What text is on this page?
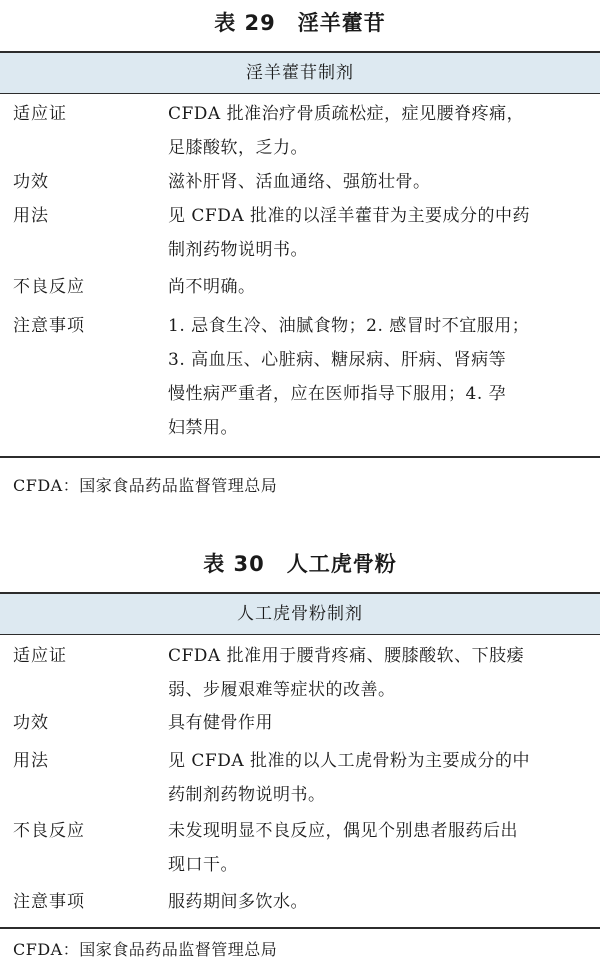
表 29 淫羊藿苷
淫羊藿苷制剂
适应证	CFDA 批准治疗骨质疏松症，症见腰脊疼痛，
足膝酸软，乏力。
功效	滋补肝肾、活血通络、强筋壮骨。
用法	见 CFDA 批准的以淫羊藿苷为主要成分的中药
制剂药物说明书。
不良反应	尚不明确。
注意事项	1. 忌食生冷、油腻食物；2. 感冒时不宜服用；
3. 高血压、心脏病、糖尿病、肝病、肾病等
慢性病严重者，应在医师指导下服用；4. 孕
妇禁用。
CFDA：国家食品药品监督管理总局
表 30 人工虎骨粉
人工虎骨粉制剂
适应证	CFDA 批准用于腰背疼痛、腰膝酸软、下肢痿
弱、步履艰难等症状的改善。
功效	具有健骨作用
用法	见 CFDA 批准的以人工虎骨粉为主要成分的中
药制剂药物说明书。
不良反应	未发现明显不良反应，偶见个别患者服药后出
现口干。
注意事项	服药期间多饮水。
CFDA：国家食品药品监督管理总局
